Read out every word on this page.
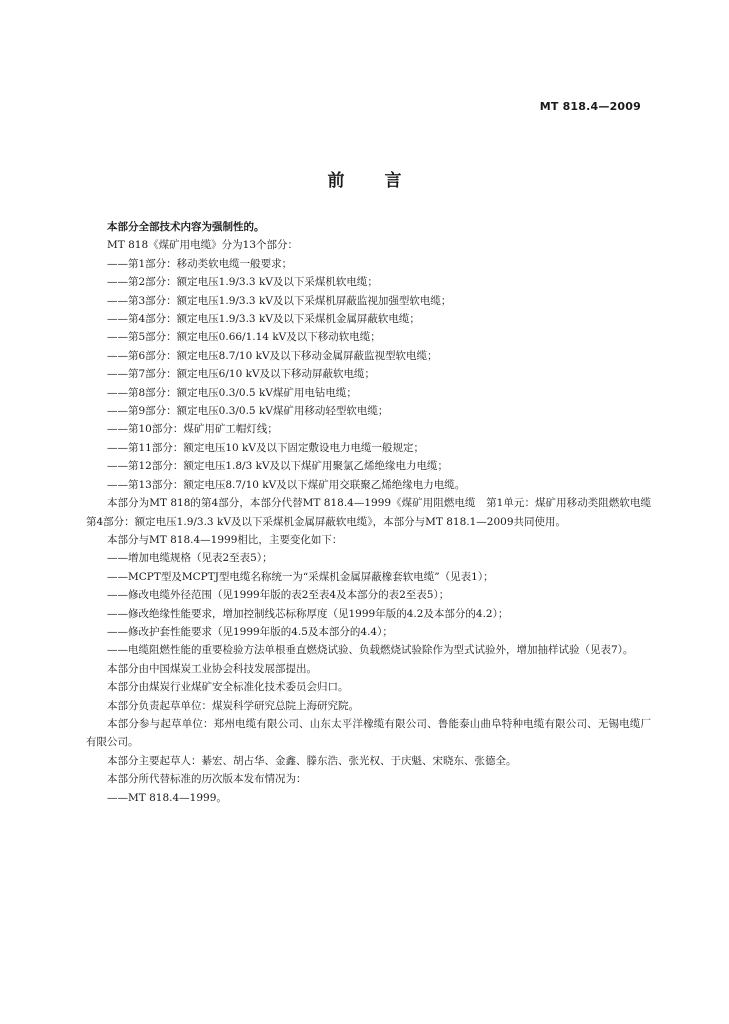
MT 818.4—2009
前言
本部分全部技术内容为强制性的。
MT 818《煤矿用电缆》分为13个部分：
——第1部分：移动类软电缆一般要求；
——第2部分：额定电压1.9/3.3 kV及以下采煤机软电缆；
——第3部分：额定电压1.9/3.3 kV及以下采煤机屏蔽监视加强型软电缆；
——第4部分：额定电压1.9/3.3 kV及以下采煤机金属屏蔽软电缆；
——第5部分：额定电压0.66/1.14 kV及以下移动软电缆；
——第6部分：额定电压8.7/10 kV及以下移动金属屏蔽监视型软电缆；
——第7部分：额定电压6/10 kV及以下移动屏蔽软电缆；
——第8部分：额定电压0.3/0.5 kV煤矿用电钻电缆；
——第9部分：额定电压0.3/0.5 kV煤矿用移动轻型软电缆；
——第10部分：煤矿用矿工帽灯线；
——第11部分：额定电压10 kV及以下固定敷设电力电缆一般规定；
——第12部分：额定电压1.8/3 kV及以下煤矿用聚氯乙烯绝缘电力电缆；
——第13部分：额定电压8.7/10 kV及以下煤矿用交联聚乙烯绝缘电力电缆。
本部分为MT 818的第4部分，本部分代替MT 818.4—1999《煤矿用阻燃电缆　第1单元：煤矿用移动类阻燃软电缆　第4部分：额定电压1.9/3.3 kV及以下采煤机金属屏蔽软电缆》，本部分与MT 818.1—2009共同使用。
本部分与MT 818.4—1999相比，主要变化如下：
——增加电缆规格（见表2至表5）；
——MCPT型及MCPTJ型电缆名称统一为“采煤机金属屏蔽橡套软电缆”（见表1）；
——修改电缆外径范围（见1999年版的表2至表4及本部分的表2至表5）；
——修改绝缘性能要求，增加控制线芯标称厚度（见1999年版的4.2及本部分的4.2）；
——修改护套性能要求（见1999年版的4.5及本部分的4.4）；
——电缆阻燃性能的重要检验方法单根垂直燃烧试验、负载燃烧试验除作为型式试验外，增加抽样试验（见表7）。
本部分由中国煤炭工业协会科技发展部提出。
本部分由煤炭行业煤矿安全标准化技术委员会归口。
本部分负责起草单位：煤炭科学研究总院上海研究院。
本部分参与起草单位：郑州电缆有限公司、山东太平洋橡缆有限公司、鲁能泰山曲阜特种电缆有限公司、无锡电缆厂有限公司。
本部分主要起草人：綦宏、胡占华、金鑫、滕东浩、张光权、于庆魁、宋晓东、张德全。
本部分所代替标准的历次版本发布情况为：
——MT 818.4—1999。
